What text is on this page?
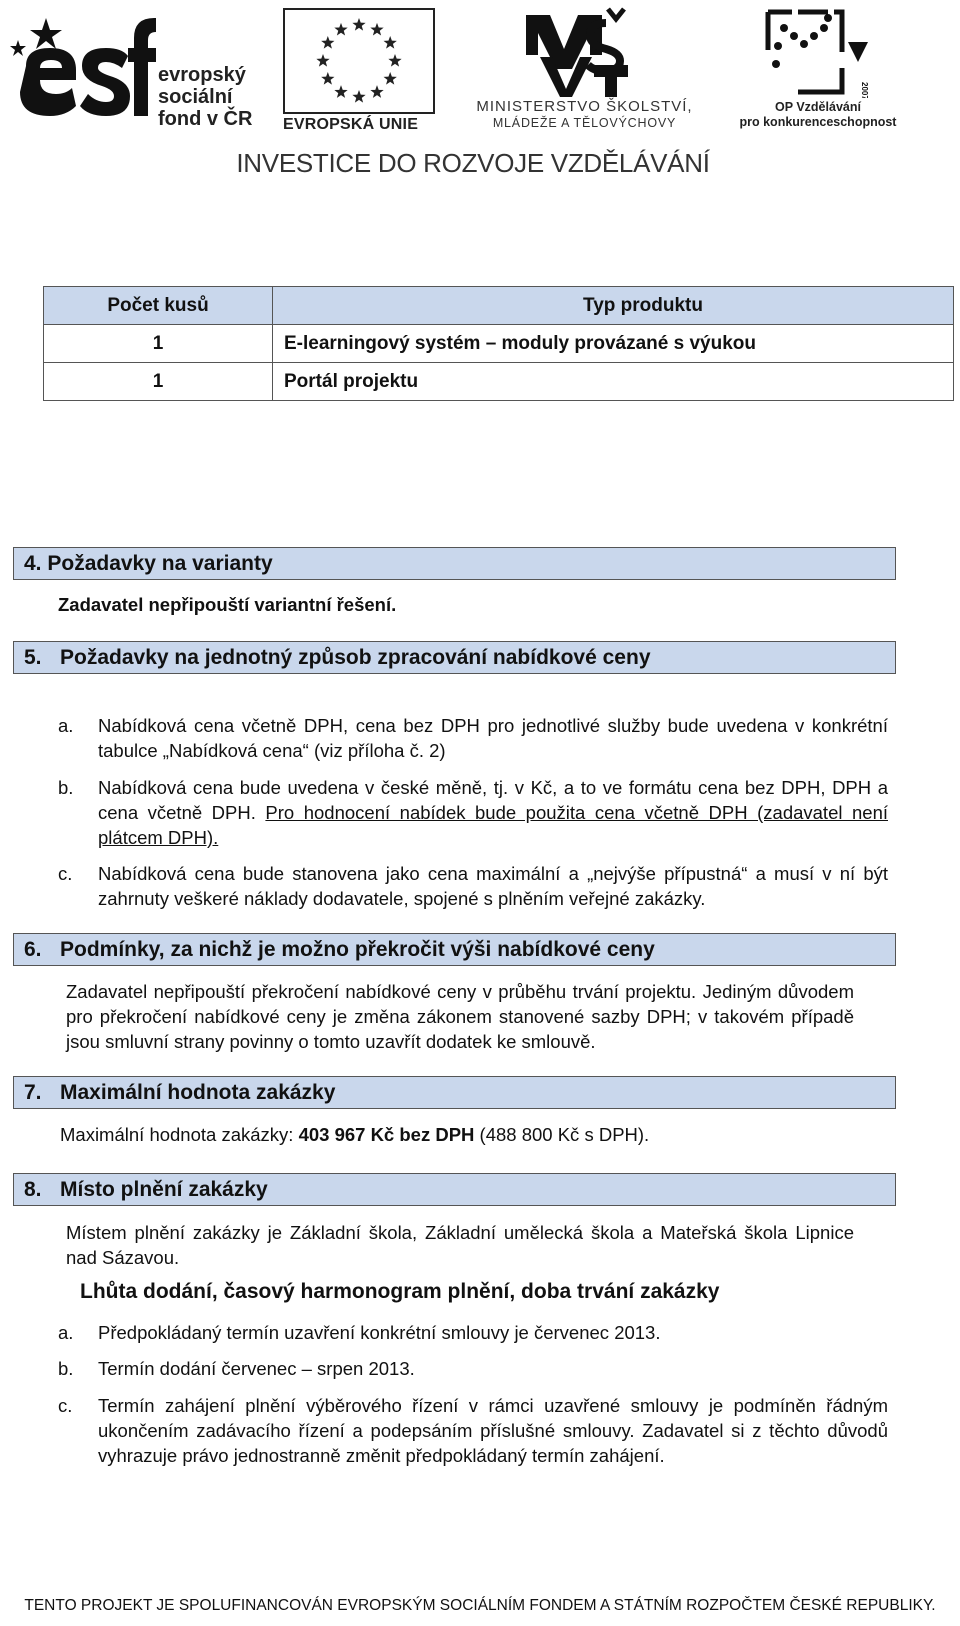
evropský
sociální
fond v ČR EVROPSKÁ UNIE
MINISTERSTVO ŠKOLSTVÍ,
MLÁDEŽE A TĚLOVÝCHOVY
2007-13
OP Vzdělávání
pro konkurenceschopnost
INVESTICE DO ROZVOJE VZDĚLÁVÁNÍ
Počet kusů	Typ produktu
1	E-learningový systém – moduly provázané s výukou
1	Portál projektu
4. Požadavky na varianty
Zadavatel nepřipouští variantní řešení.
5. Požadavky na jednotný způsob zpracování nabídkové ceny
a.	Nabídková cena včetně DPH, cena bez DPH pro jednotlivé služby bude uvedena v konkrétní tabulce „Nabídková cena“ (viz příloha č. 2)
b.	Nabídková cena bude uvedena v české měně, tj. v Kč, a to ve formátu cena bez DPH, DPH a cena včetně DPH. Pro hodnocení nabídek bude použita cena včetně DPH (zadavatel není plátcem DPH).
c.	Nabídková cena bude stanovena jako cena maximální a „nejvýše přípustná“ a musí v ní být zahrnuty veškeré náklady dodavatele, spojené s plněním veřejné zakázky.
6. Podmínky, za nichž je možno překročit výši nabídkové ceny
Zadavatel nepřipouští překročení nabídkové ceny v průběhu trvání projektu. Jediným důvodem pro překročení nabídkové ceny je změna zákonem stanovené sazby DPH; v takovém případě jsou smluvní strany povinny o tomto uzavřít dodatek ke smlouvě.
7. Maximální hodnota zakázky
Maximální hodnota zakázky: 403 967 Kč bez DPH (488 800 Kč s DPH).
8. Místo plnění zakázky
Místem plnění zakázky je Základní škola, Základní umělecká škola a Mateřská škola Lipnice nad Sázavou.
Lhůta dodání, časový harmonogram plnění, doba trvání zakázky
a.	Předpokládaný termín uzavření konkrétní smlouvy je červenec 2013.
b.	Termín dodání červenec – srpen 2013.
c.	Termín zahájení plnění výběrového řízení v rámci uzavřené smlouvy je podmíněn řádným ukončením zadávacího řízení a podepsáním příslušné smlouvy. Zadavatel si z těchto důvodů vyhrazuje právo jednostranně změnit předpokládaný termín zahájení.
TENTO PROJEKT JE SPOLUFINANCOVÁN EVROPSKÝM SOCIÁLNÍM FONDEM A STÁTNÍM ROZPOČTEM ČESKÉ REPUBLIKY.
